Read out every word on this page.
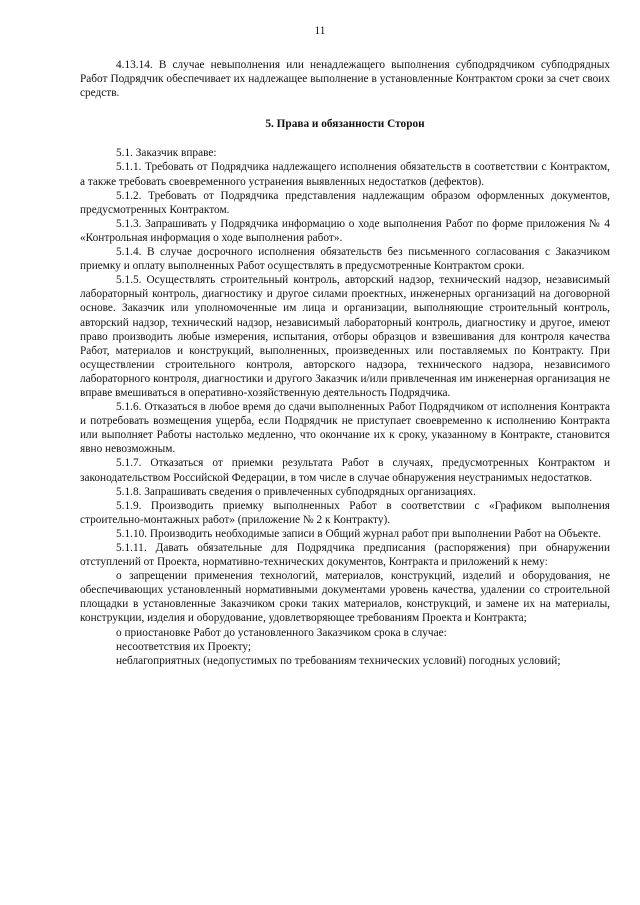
11

4.13.14. В случае невыполнения или ненадлежащего выполнения субподрядчиком субподрядных Работ Подрядчик обеспечивает их надлежащее выполнение в установленные Контрактом сроки за счет своих средств.

5. Права и обязанности Сторон

5.1. Заказчик вправе:

5.1.1. Требовать от Подрядчика надлежащего исполнения обязательств в соответствии с Контрактом, а также требовать своевременного устранения выявленных недостатков (дефектов).

5.1.2. Требовать от Подрядчика представления надлежащим образом оформленных документов, предусмотренных Контрактом.

5.1.3. Запрашивать у Подрядчика информацию о ходе выполнения Работ по форме приложения № 4 «Контрольная информация о ходе выполнения работ».

5.1.4. В случае досрочного исполнения обязательств без письменного согласования с Заказчиком приемку и оплату выполненных Работ осуществлять в предусмотренные Контрактом сроки.

5.1.5. Осуществлять строительный контроль, авторский надзор, технический надзор, независимый лабораторный контроль, диагностику и другое силами проектных, инженерных организаций на договорной основе. Заказчик или уполномоченные им лица и организации, выполняющие строительный контроль, авторский надзор, технический надзор, независимый лабораторный контроль, диагностику и другое, имеют право производить любые измерения, испытания, отборы образцов и взвешивания для контроля качества Работ, материалов и конструкций, выполненных, произведенных или поставляемых по Контракту. При осуществлении строительного контроля, авторского надзора, технического надзора, независимого лабораторного контроля, диагностики и другого Заказчик и/или привлеченная им инженерная организация не вправе вмешиваться в оперативно-хозяйственную деятельность Подрядчика.

5.1.6. Отказаться в любое время до сдачи выполненных Работ Подрядчиком от исполнения Контракта и потребовать возмещения ущерба, если Подрядчик не приступает своевременно к исполнению Контракта или выполняет Работы настолько медленно, что окончание их к сроку, указанному в Контракте, становится явно невозможным.

5.1.7. Отказаться от приемки результата Работ в случаях, предусмотренных Контрактом и законодательством Российской Федерации, в том числе в случае обнаружения неустранимых недостатков.

5.1.8. Запрашивать сведения о привлеченных субподрядных организациях.

5.1.9. Производить приемку выполненных Работ в соответствии с «Графиком выполнения строительно-монтажных работ» (приложение № 2 к Контракту).

5.1.10. Производить необходимые записи в Общий журнал работ при выполнении Работ на Объекте.

5.1.11. Давать обязательные для Подрядчика предписания (распоряжения) при обнаружении отступлений от Проекта, нормативно-технических документов, Контракта и приложений к нему:

о запрещении применения технологий, материалов, конструкций, изделий и оборудования, не обеспечивающих установленный нормативными документами уровень качества, удалении со строительной площадки в установленные Заказчиком сроки таких материалов, конструкций, и замене их на материалы, конструкции, изделия и оборудование, удовлетворяющее требованиям Проекта и Контракта;

о приостановке Работ до установленного Заказчиком срока в случае:

несоответствия их Проекту;

неблагоприятных (недопустимых по требованиям технических условий) погодных условий;
